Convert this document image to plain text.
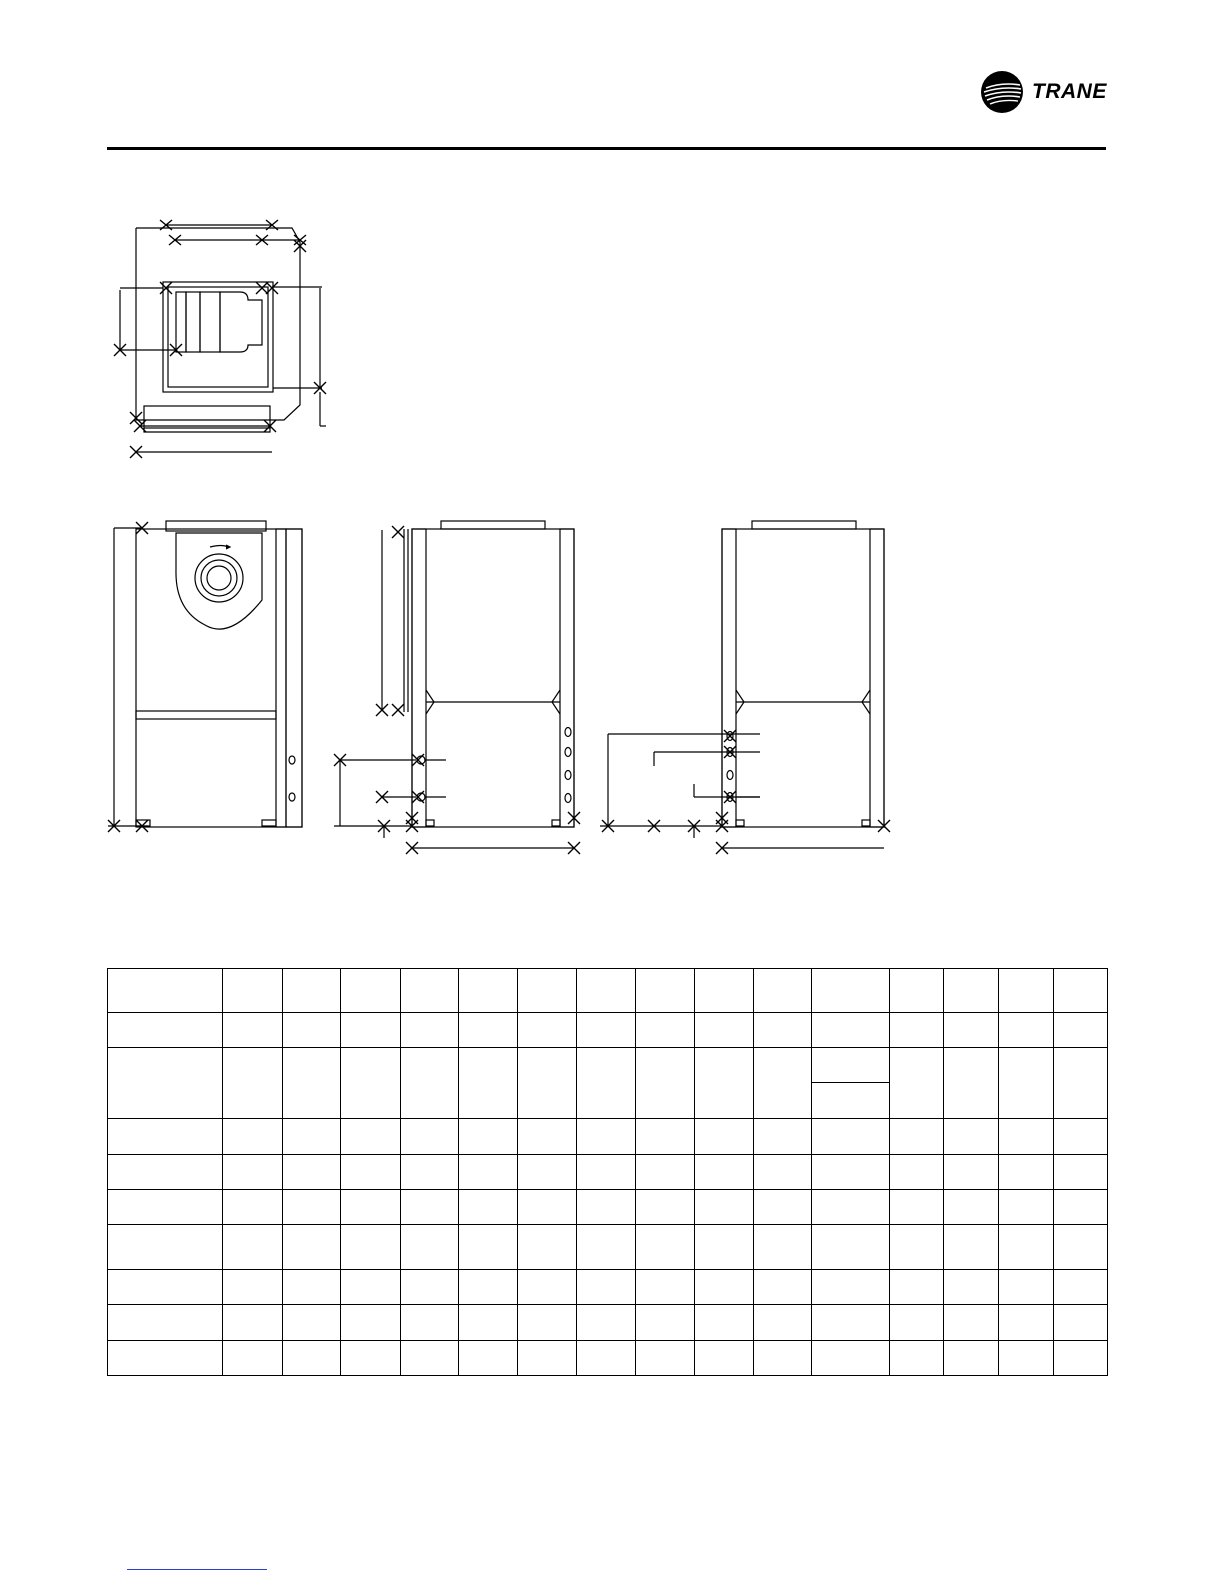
TRANE
